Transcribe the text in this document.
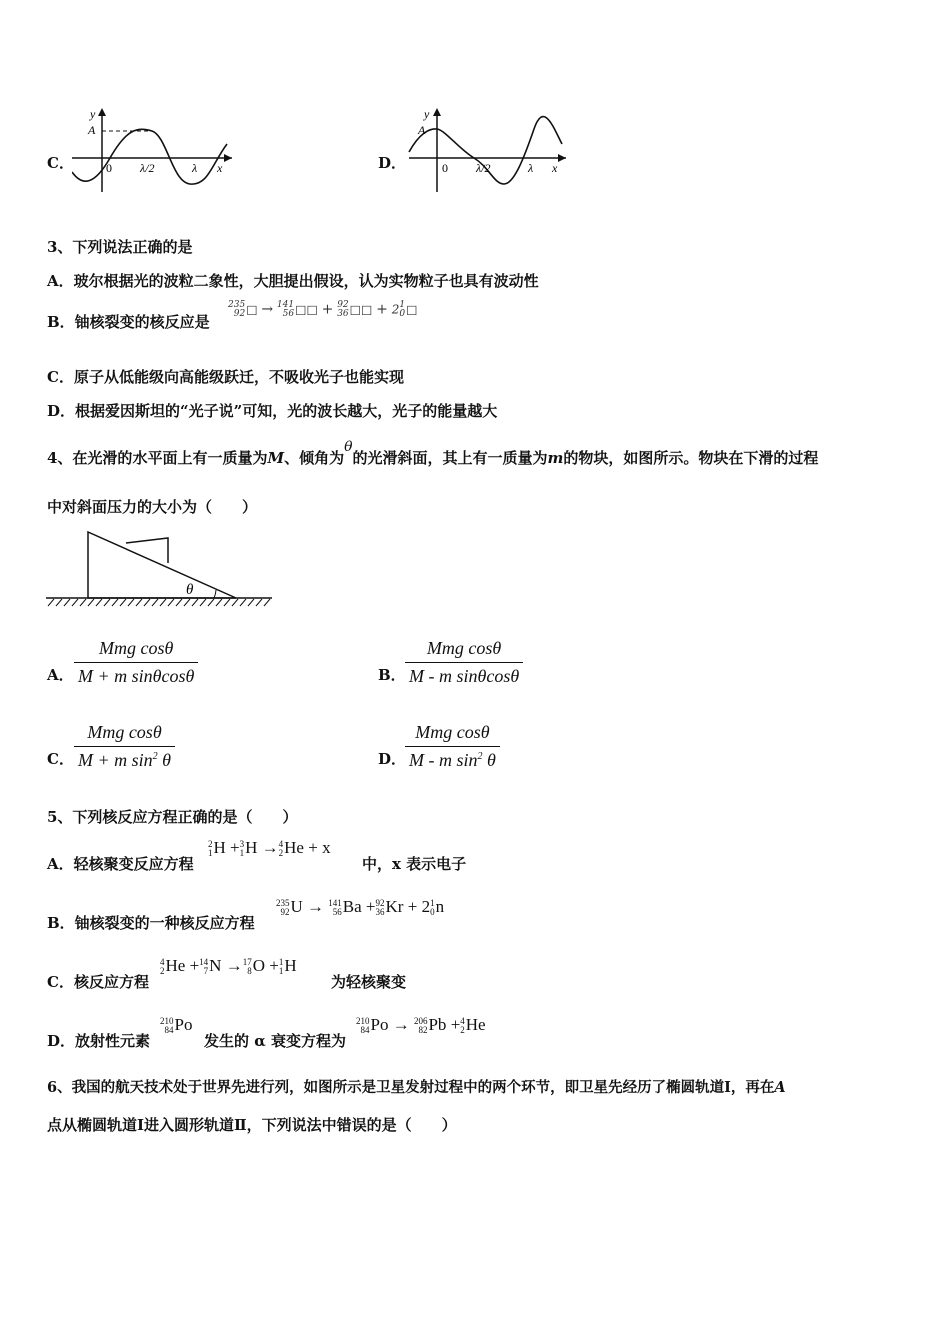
C．
y
A
0 λ/2	λ x	D．
y
A
0 λ/2	λ x
3、下列说法正确的是
A．玻尔根据光的波粒二象性，大胆提出假设，认为实物粒子也具有波动性
B．铀核裂变的核反应是
235
92 □ → 141
56 □□ + 92
36 □□ + 2 1
0 □
C．原子从低能级向高能级跃迁，不吸收光子也能实现
D．根据爱因斯坦的“光子说”可知，光的波长越大，光子的能量越大
4、在光滑的水平面上有一质量为M、倾角为θ的光滑斜面，其上有一质量为m的物块，如图所示。物块在下滑的过程
中对斜面压力的大小为（　　）
θ
A．
Mmg cosθ
M + m sinθcosθ	B．
Mmg cosθ
M - m sinθcosθ
C．
Mmg cosθ
M + m $\sin^2 \theta$	D．
Mmg cosθ
M - m $\sin^2 \theta$
5、下列核反应方程正确的是（　　）
A．轻核聚变反应方程
2
1 H + 3
1 H → 4
2 He + x
中，x 表示电子
B．铀核裂变的一种核反应方程
235
92 U → 141
56 Ba + 92
36 Kr + 2 1
0 n
C．核反应方程
4
2 He + 14
7 N → 17
8 O + 1
1 H
为轻核聚变
D．放射性元素
210
84 Po
发生的 α 衰变方程为
210
84 Po → 206
82 Pb + 4
2 He
6、我国的航天技术处于世界先进行列，如图所示是卫星发射过程中的两个环节，即卫星先经历了椭圆轨道Ⅰ，再在A
点从椭圆轨道Ⅰ进入圆形轨道Ⅱ，下列说法中错误的是（　　）
